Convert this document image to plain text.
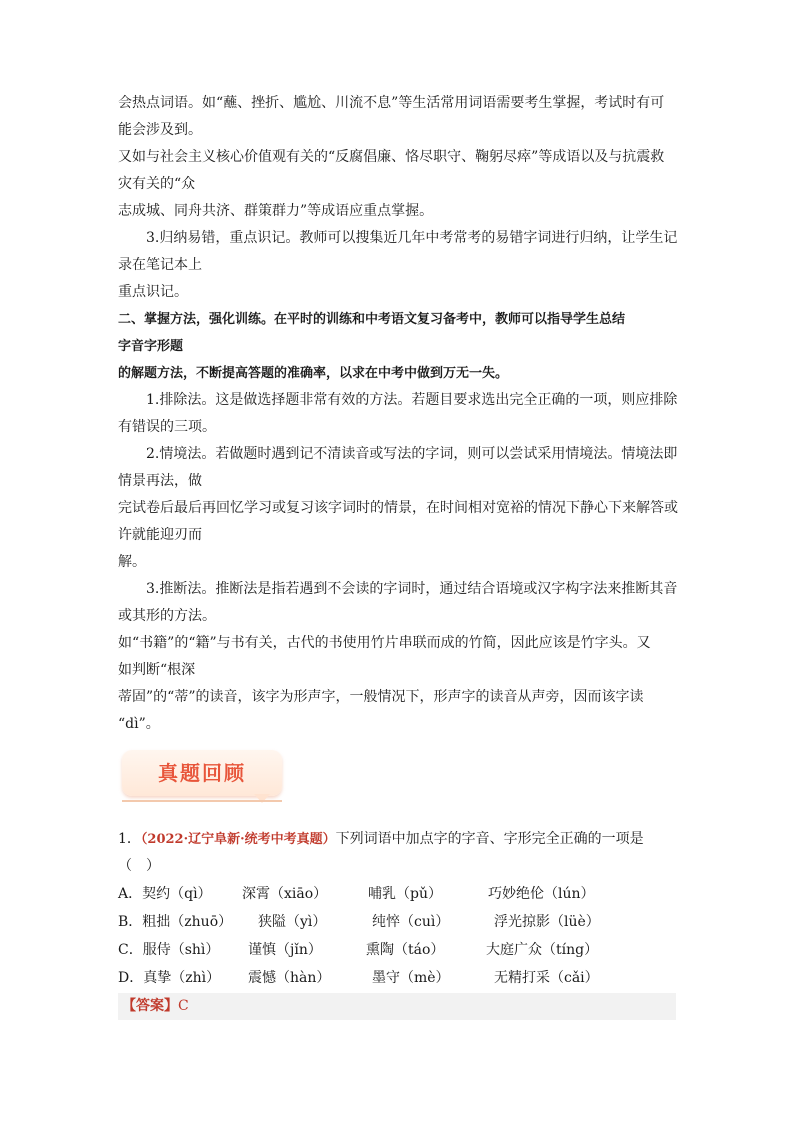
会热点词语。如“蘸、挫折、尴尬、川流不息”等生活常用词语需要考生掌握，考试时有可
能会涉及到。
又如与社会主义核心价值观有关的“反腐倡廉、恪尽职守、鞠躬尽瘁”等成语以及与抗震救
灾有关的“众
志成城、同舟共济、群策群力”等成语应重点掌握。
3.归纳易错，重点识记。教师可以搜集近几年中考常考的易错字词进行归纳，让学生记
录在笔记本上
重点识记。
二、掌握方法，强化训练。在平时的训练和中考语文复习备考中，教师可以指导学生总结
字音字形题
的解题方法，不断提高答题的准确率，以求在中考中做到万无一失。
1.排除法。这是做选择题非常有效的方法。若题目要求选出完全正确的一项，则应排除
有错误的三项。
2.情境法。若做题时遇到记不清读音或写法的字词，则可以尝试采用情境法。情境法即
情景再法，做
完试卷后最后再回忆学习或复习该字词时的情景，在时间相对宽裕的情况下静心下来解答或
许就能迎刃而
解。
3.推断法。推断法是指若遇到不会读的字词时，通过结合语境或汉字构字法来推断其音
或其形的方法。
如“书籍”的“籍”与书有关，古代的书使用竹片串联而成的竹简，因此应该是竹字头。又
如判断“根深
蒂固”的“蒂”的读音，该字为形声字，一般情况下，形声字的读音从声旁，因而该字读
“dì”。
真题回顾
1．（2022·辽宁阜新·统考中考真题）下列词语中加点字的字音、字形完全正确的一项是
（　）
A．契约（qì） 深霄（xiāo）	哺乳（pǔ）	巧妙绝伦（lún）
B．粗拙（zhuō） 狭隘（yì）	纯悴（cuì）	浮光掠影（lüè）
C．服侍（shì） 谨慎（jǐn）	熏陶（táo）	大庭广众（tíng）
D．真挚（zhì） 震憾（hàn）	墨守（mè）	无精打采（cǎi）
【答案】C
